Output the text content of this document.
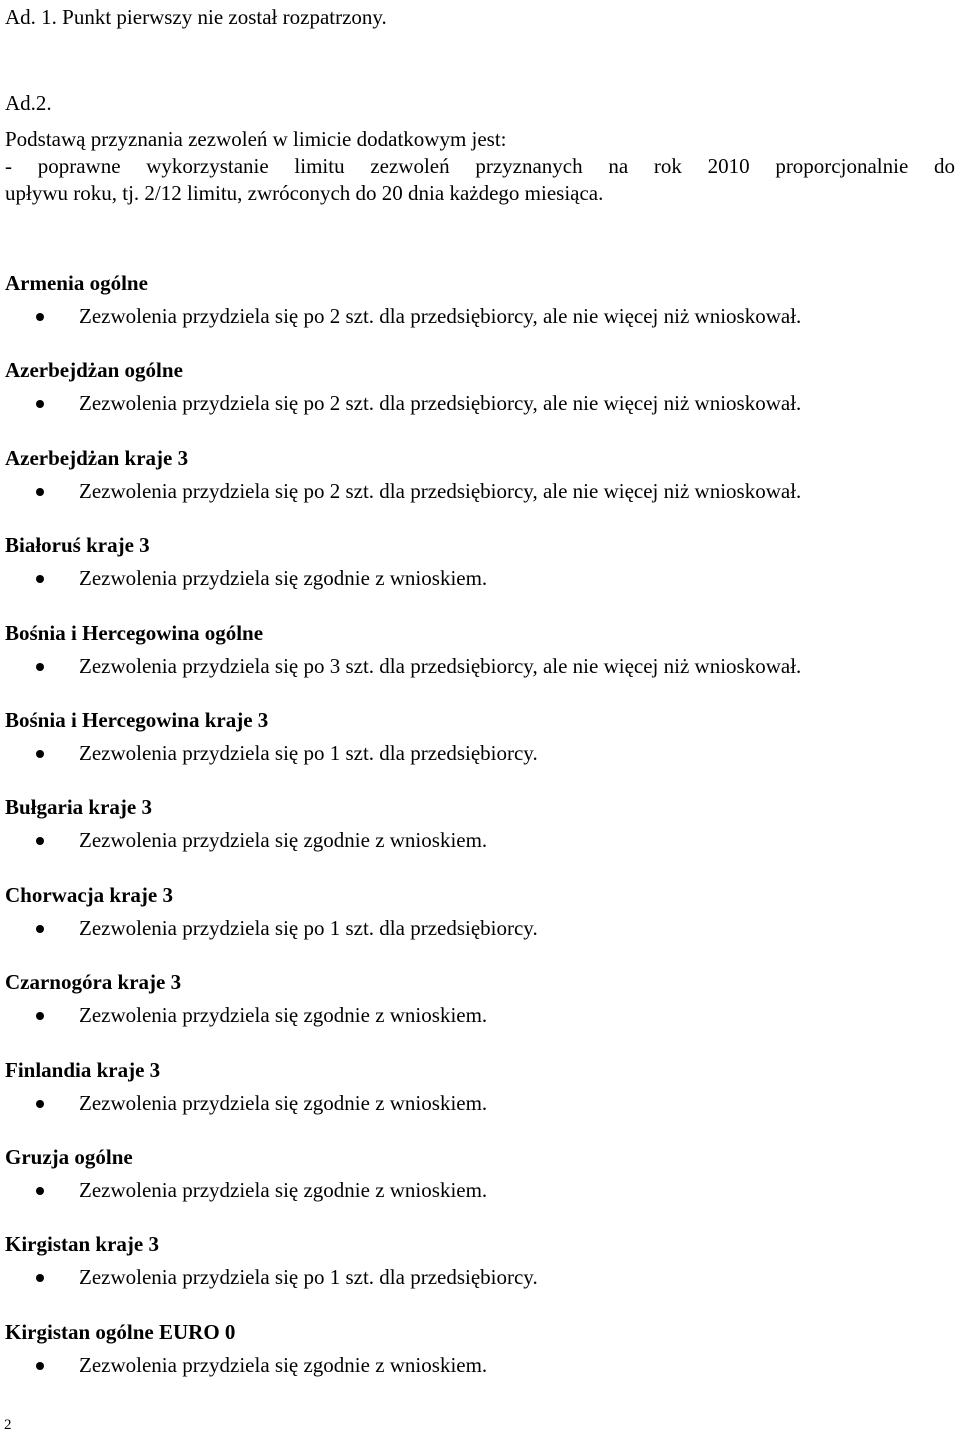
Ad. 1. Punkt pierwszy nie został rozpatrzony.

Ad.2.

Podstawą przyznania zezwoleń w limicie dodatkowym jest:

- poprawne wykorzystanie limitu zezwoleń przyznanych na rok 2010 proporcjonalnie do

upływu roku, tj. 2/12 limitu, zwróconych do 20 dnia każdego miesiąca.

Armenia ogólne
Zezwolenia przydziela się po 2 szt. dla przedsiębiorcy, ale nie więcej niż wnioskował.
Azerbejdżan ogólne
Zezwolenia przydziela się po 2 szt. dla przedsiębiorcy, ale nie więcej niż wnioskował.
Azerbejdżan kraje 3
Zezwolenia przydziela się po 2 szt. dla przedsiębiorcy, ale nie więcej niż wnioskował.
Białoruś kraje 3
Zezwolenia przydziela się zgodnie z wnioskiem.
Bośnia i Hercegowina ogólne
Zezwolenia przydziela się po 3 szt. dla przedsiębiorcy, ale nie więcej niż wnioskował.
Bośnia i Hercegowina kraje 3
Zezwolenia przydziela się po 1 szt. dla przedsiębiorcy.
Bułgaria kraje 3
Zezwolenia przydziela się zgodnie z wnioskiem.
Chorwacja kraje 3
Zezwolenia przydziela się po 1 szt. dla przedsiębiorcy.
Czarnogóra kraje 3
Zezwolenia przydziela się zgodnie z wnioskiem.
Finlandia kraje 3
Zezwolenia przydziela się zgodnie z wnioskiem.
Gruzja ogólne
Zezwolenia przydziela się zgodnie z wnioskiem.
Kirgistan kraje 3
Zezwolenia przydziela się po 1 szt. dla przedsiębiorcy.
Kirgistan ogólne EURO 0
Zezwolenia przydziela się zgodnie z wnioskiem.
2
